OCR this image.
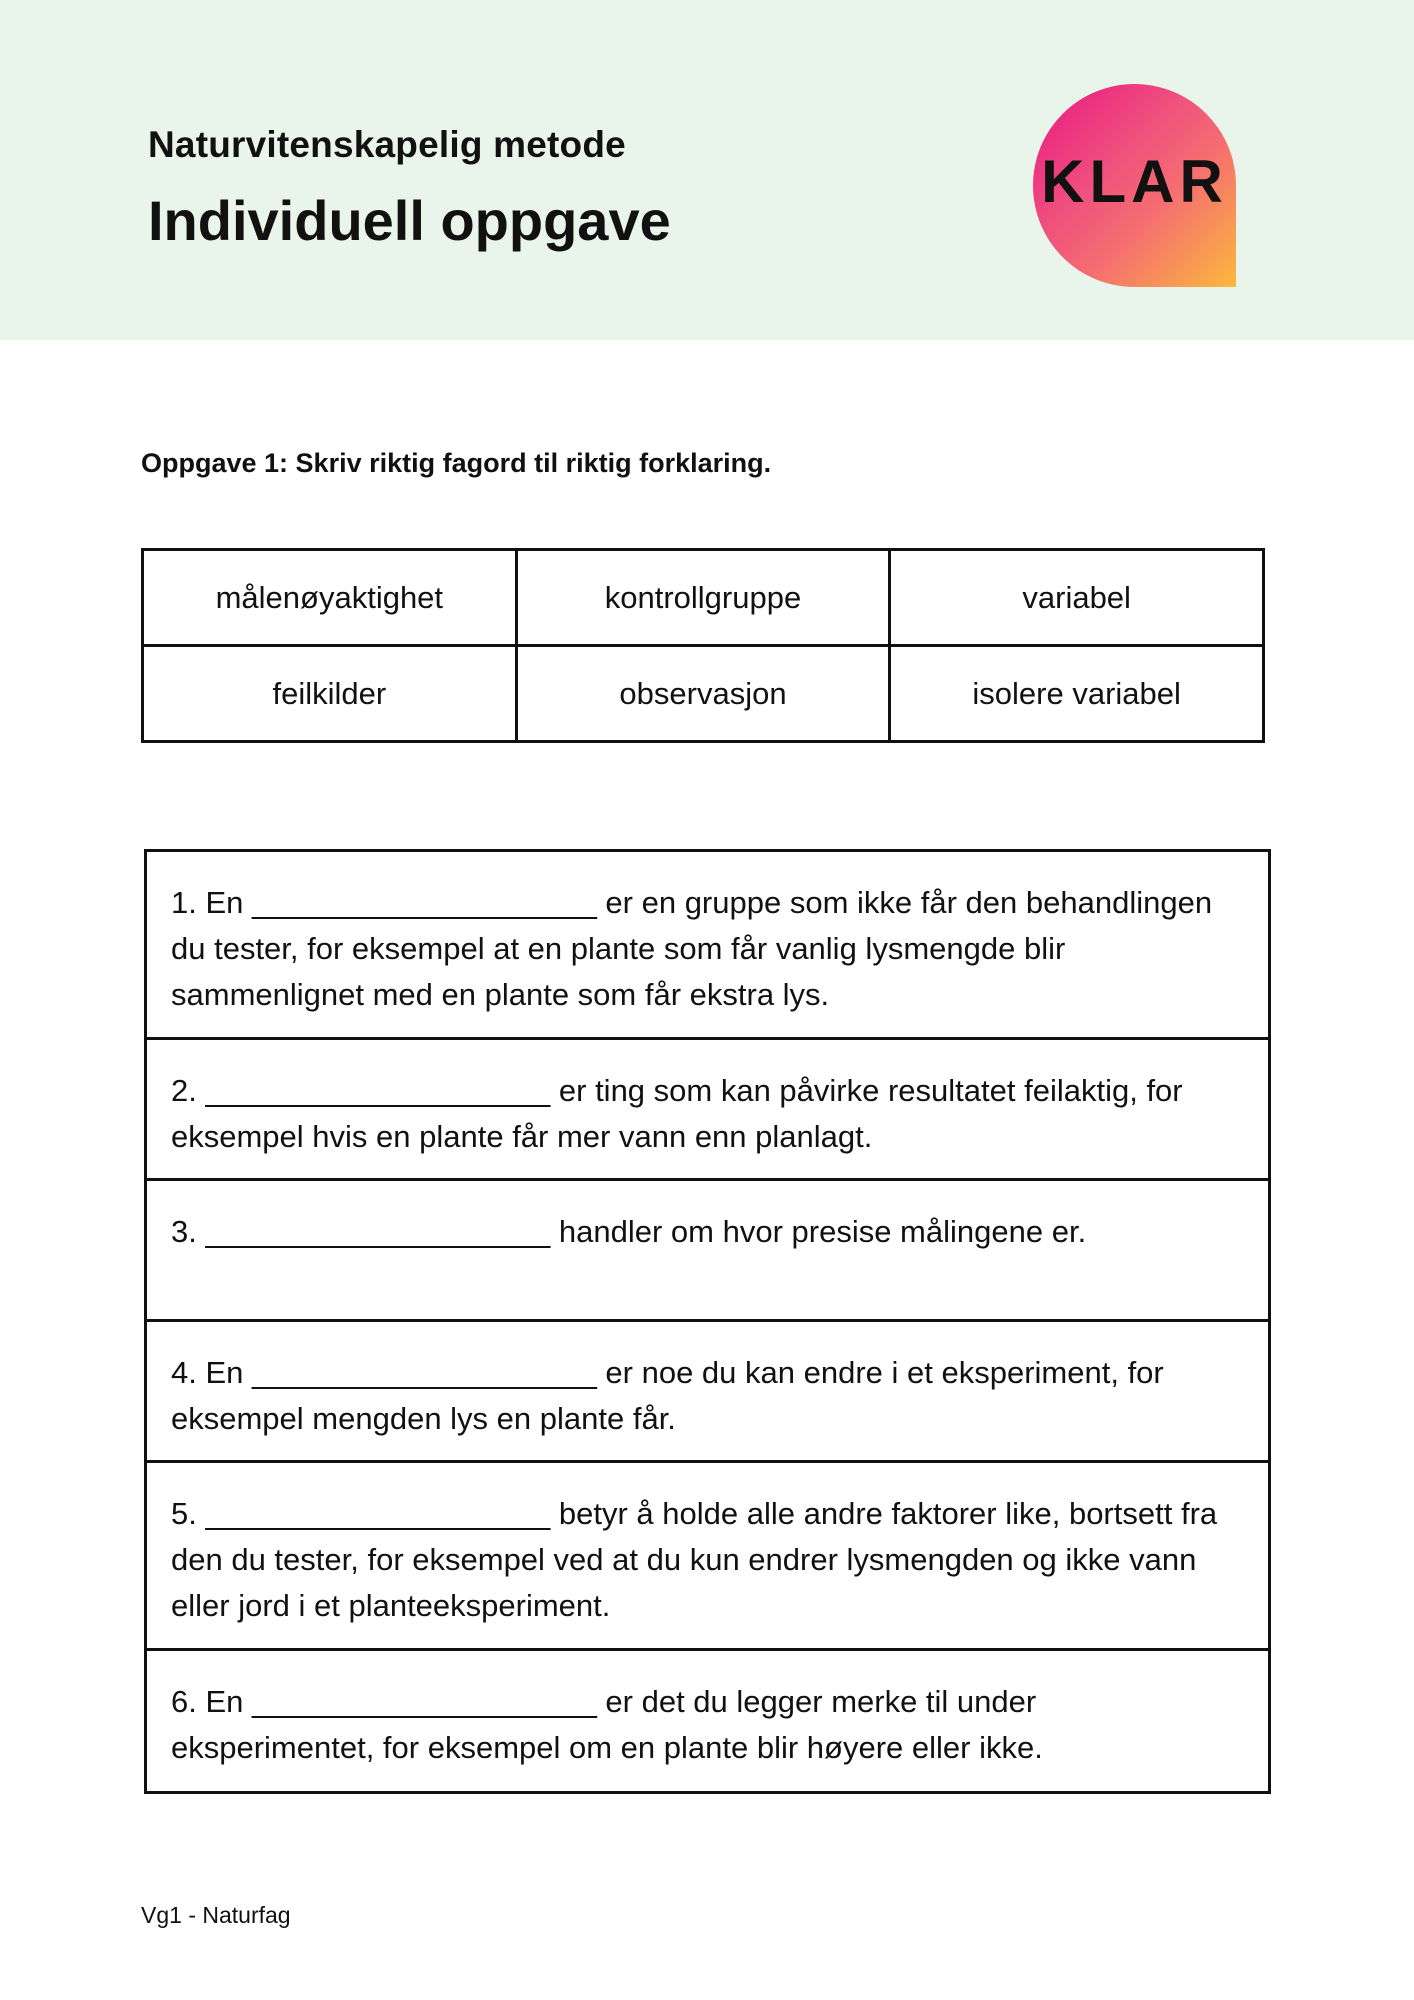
Naturvitenskapelig metode
Individuell oppgave
KLAR
Oppgave 1: Skriv riktig fagord til riktig forklaring.
målenøyaktighet	kontrollgruppe	variabel
feilkilder	observasjon	isolere variabel
1. En ____________________ er en gruppe som ikke får den behandlingen du tester, for eksempel at en plante som får vanlig lysmengde blir sammenlignet med en plante som får ekstra lys.
2. ____________________ er ting som kan påvirke resultatet feilaktig, for eksempel hvis en plante får mer vann enn planlagt.
3. ____________________ handler om hvor presise målingene er.
4. En ____________________ er noe du kan endre i et eksperiment, for eksempel mengden lys en plante får.
5. ____________________ betyr å holde alle andre faktorer like, bortsett fra den du tester, for eksempel ved at du kun endrer lysmengden og ikke vann eller jord i et planteeksperiment.
6. En ____________________ er det du legger merke til under eksperimentet, for eksempel om en plante blir høyere eller ikke.
Vg1 - Naturfag
